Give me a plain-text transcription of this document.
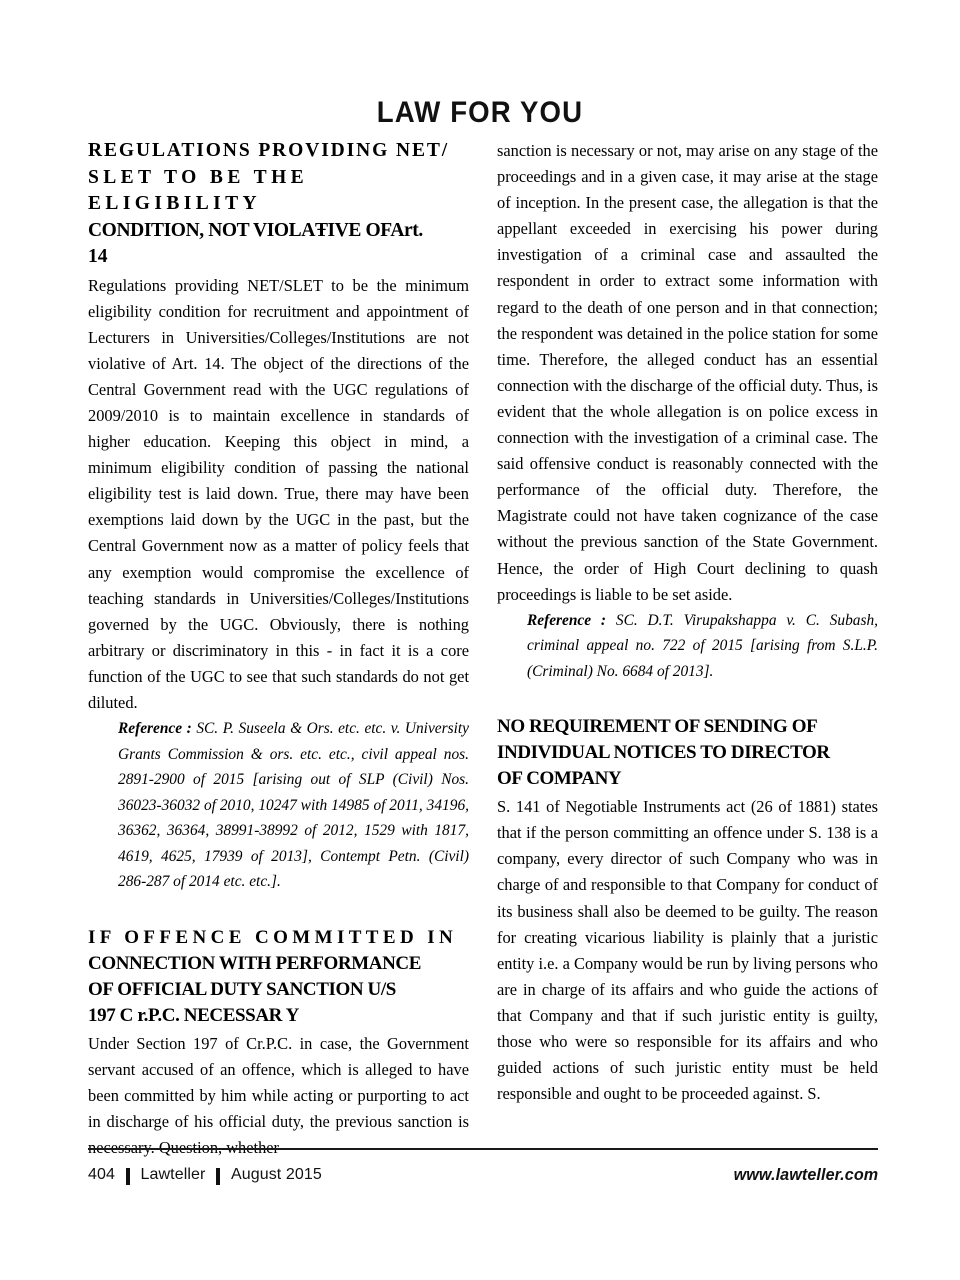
LAW FOR YOU
REGULATIONS PROVIDING NET/
SLET TO BE THE ELIGIBILITY
CONDITION, NOT VIOLAŦIVE OFArt.
14

Regulations providing NET/SLET to be the minimum eligibility condition for recruitment and appointment of Lecturers in Universities/Colleges/Institutions are not violative of Art. 14. The object of the directions of the Central Government read with the UGC regulations of 2009/2010 is to maintain excellence in standards of higher education. Keeping this object in mind, a minimum eligibility condition of passing the national eligibility test is laid down. True, there may have been exemptions laid down by the UGC in the past, but the Central Government now as a matter of policy feels that any exemption would compromise the excellence of teaching standards in Universities/Colleges/Institutions governed by the UGC. Obviously, there is nothing arbitrary or discriminatory in this - in fact it is a core function of the UGC to see that such standards do not get diluted.

Reference : SC. P. Suseela & Ors. etc. etc. v. University Grants Commission & ors. etc. etc., civil appeal nos. 2891-2900 of 2015 [arising out of SLP (Civil) Nos. 36023-36032 of 2010, 10247 with 14985 of 2011, 34196, 36362, 36364, 38991-38992 of 2012, 1529 with 1817, 4619, 4625, 17939 of 2013], Contempt Petn. (Civil) 286-287 of 2014 etc. etc.].
IF OFFENCE COMMITTED IN
CONNECTION WITH PERFORMANCE
OF OFFICIAL DUTY SANCTION U/S
197 C r.P.C. NECESSAR Y

Under Section 197 of Cr.P.C. in case, the Government servant accused of an offence, which is alleged to have been committed by him while acting or purporting to act in discharge of his official duty, the previous sanction is necessary. Question, whether

sanction is necessary or not, may arise on any stage of the proceedings and in a given case, it may arise at the stage of inception. In the present case, the allegation is that the appellant exceeded in exercising his power during investigation of a criminal case and assaulted the respondent in order to extract some information with regard to the death of one person and in that connection; the respondent was detained in the police station for some time. Therefore, the alleged conduct has an essential connection with the discharge of the official duty. Thus, is evident that the whole allegation is on police excess in connection with the investigation of a criminal case. The said offensive conduct is reasonably connected with the performance of the official duty. Therefore, the Magistrate could not have taken cognizance of the case without the previous sanction of the State Government. Hence, the order of High Court declining to quash proceedings is liable to be set aside.

Reference : SC. D.T. Virupakshappa v. C. Subash, criminal appeal no. 722 of 2015 [arising from S.L.P. (Criminal) No. 6684 of 2013].
NO REQUIREMENT OF SENDING OF
INDIVIDUAL NOTICES TO DIRECTOR
OF COMPANY

S. 141 of Negotiable Instruments act (26 of 1881) states that if the person committing an offence under S. 138 is a company, every director of such Company who was in charge of and responsible to that Company for conduct of its business shall also be deemed to be guilty. The reason for creating vicarious liability is plainly that a juristic entity i.e. a Company would be run by living persons who are in charge of its affairs and who guide the actions of that Company and that if such juristic entity is guilty, those who were so responsible for its affairs and who guided actions of such juristic entity must be held responsible and ought to be proceeded against. S.

404 Lawteller August 2015	www.lawteller.com
